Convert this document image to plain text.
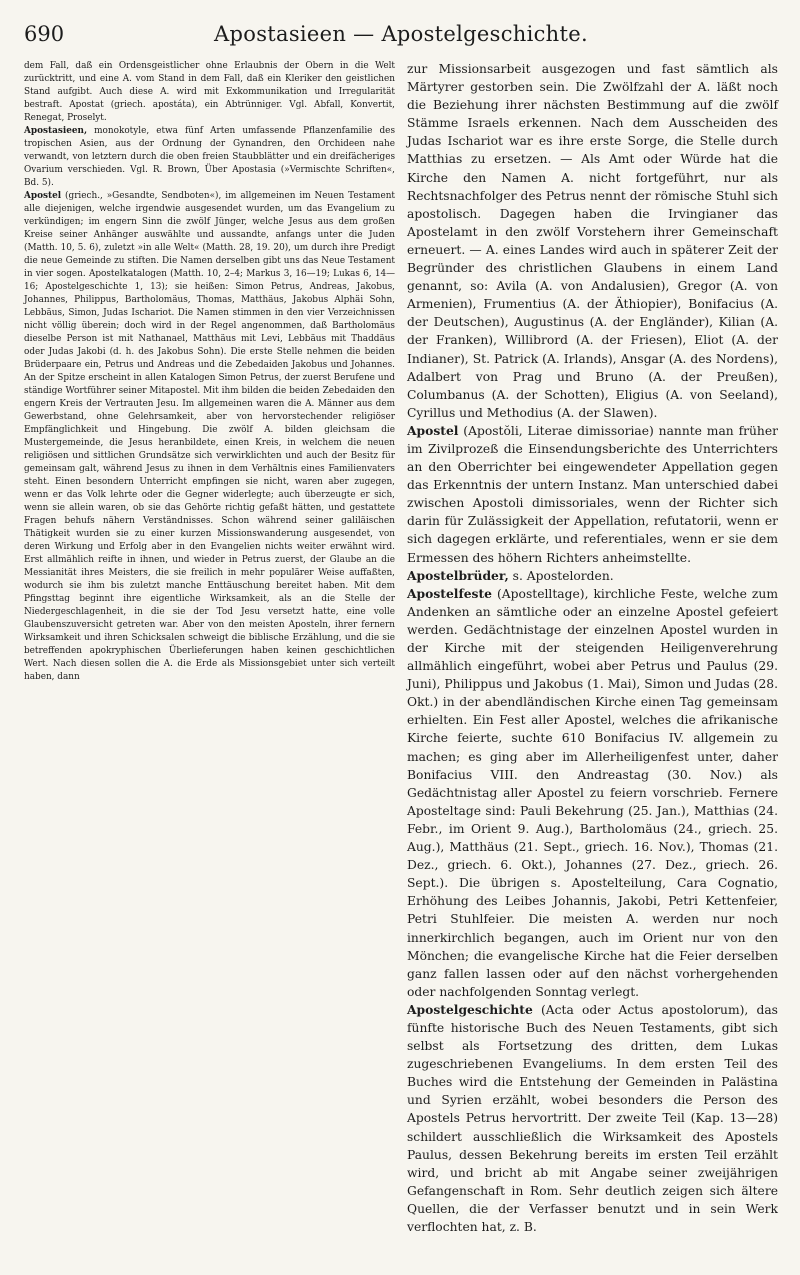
690	Apostasieen — Apostelgeschichte.

dem Fall, daß ein Ordensgeistlicher ohne Erlaubnis der Obern in die Welt zurücktritt, und eine A. vom Stand in dem Fall, daß ein Kleriker den geistlichen Stand aufgibt. Auch diese A. wird mit Exkommunikation und Irregularität bestraft. Apostat (griech. apostáta), ein Abtrünniger. Vgl. Abfall, Konvertit, Renegat, Proselyt.

Apostasieen, monokotyle, etwa fünf Arten umfassende Pflanzenfamilie des tropischen Asien, aus der Ordnung der Gynandren, den Orchideen nahe verwandt, von letztern durch die oben freien Staubblätter und ein dreifächeriges Ovarium verschieden. Vgl. R. Brown, Über Apostasia (»Vermischte Schriften«, Bd. 5).

Apostel (griech., »Gesandte, Sendboten«), im allgemeinen im Neuen Testament alle diejenigen, welche irgendwie ausgesendet wurden, um das Evangelium zu verkündigen; im engern Sinn die zwölf Jünger, welche Jesus aus dem großen Kreise seiner Anhänger auswählte und aussandte, anfangs unter die Juden (Matth. 10, 5. 6), zuletzt »in alle Welt« (Matth. 28, 19. 20), um durch ihre Predigt die neue Gemeinde zu stiften. Die Namen derselben gibt uns das Neue Testament in vier sogen. Apostelkatalogen (Matth. 10, 2–4; Markus 3, 16—19; Lukas 6, 14—16; Apostelgeschichte 1, 13); sie heißen: Simon Petrus, Andreas, Jakobus, Johannes, Philippus, Bartholomäus, Thomas, Matthäus, Jakobus Alphäi Sohn, Lebbäus, Simon, Judas Ischariot. Die Namen stimmen in den vier Verzeichnissen nicht völlig überein; doch wird in der Regel angenommen, daß Bartholomäus dieselbe Person ist mit Nathanael, Matthäus mit Levi, Lebbäus mit Thaddäus oder Judas Jakobi (d. h. des Jakobus Sohn). Die erste Stelle nehmen die beiden Brüderpaare ein, Petrus und Andreas und die Zebedaiden Jakobus und Johannes. An der Spitze erscheint in allen Katalogen Simon Petrus, der zuerst Berufene und ständige Wortführer seiner Mitapostel. Mit ihm bilden die beiden Zebedaiden den engern Kreis der Vertrauten Jesu. Im allgemeinen waren die A. Männer aus dem Gewerbstand, ohne Gelehrsamkeit, aber von hervorstechender religiöser Empfänglichkeit und Hingebung. Die zwölf A. bilden gleichsam die Mustergemeinde, die Jesus heranbildete, einen Kreis, in welchem die neuen religiösen und sittlichen Grundsätze sich verwirklichten und auch der Besitz für gemeinsam galt, während Jesus zu ihnen in dem Verhältnis eines Familienvaters steht. Einen besondern Unterricht empfingen sie nicht, waren aber zugegen, wenn er das Volk lehrte oder die Gegner widerlegte; auch überzeugte er sich, wenn sie allein waren, ob sie das Gehörte richtig gefaßt hätten, und gestattete Fragen behufs nähern Verständnisses. Schon während seiner galiläischen Thätigkeit wurden sie zu einer kurzen Missionswanderung ausgesendet, von deren Wirkung und Erfolg aber in den Evangelien nichts weiter erwähnt wird. Erst allmählich reifte in ihnen, und wieder in Petrus zuerst, der Glaube an die Messianität ihres Meisters, die sie freilich in mehr populärer Weise auffaßten, wodurch sie ihm bis zuletzt manche Enttäuschung bereitet haben. Mit dem Pfingsttag beginnt ihre eigentliche Wirksamkeit, als an die Stelle der Niedergeschlagenheit, in die sie der Tod Jesu versetzt hatte, eine volle Glaubenszuversicht getreten war. Aber von den meisten Aposteln, ihrer fernern Wirksamkeit und ihren Schicksalen schweigt die biblische Erzählung, und die sie betreffenden apokryphischen Überlieferungen haben keinen geschichtlichen Wert. Nach diesen sollen die A. die Erde als Missionsgebiet unter sich verteilt haben, dann

zur Missionsarbeit ausgezogen und fast sämtlich als Märtyrer gestorben sein. Die Zwölfzahl der A. läßt noch die Beziehung ihrer nächsten Bestimmung auf die zwölf Stämme Israels erkennen. Nach dem Ausscheiden des Judas Ischariot war es ihre erste Sorge, die Stelle durch Matthias zu ersetzen. — Als Amt oder Würde hat die Kirche den Namen A. nicht fortgeführt, nur als Rechtsnachfolger des Petrus nennt der römische Stuhl sich apostolisch. Dagegen haben die Irvingianer das Apostelamt in den zwölf Vorstehern ihrer Gemeinschaft erneuert. — A. eines Landes wird auch in späterer Zeit der Begründer des christlichen Glaubens in einem Land genannt, so: Avila (A. von Andalusien), Gregor (A. von Armenien), Frumentius (A. der Äthiopier), Bonifacius (A. der Deutschen), Augustinus (A. der Engländer), Kilian (A. der Franken), Willibrord (A. der Friesen), Eliot (A. der Indianer), St. Patrick (A. Irlands), Ansgar (A. des Nordens), Adalbert von Prag und Bruno (A. der Preußen), Columbanus (A. der Schotten), Eligius (A. von Seeland), Cyrillus und Methodius (A. der Slawen).

Apostel (Apostŏli, Literae dimissoriae) nannte man früher im Zivilprozeß die Einsendungsberichte des Unterrichters an den Oberrichter bei eingewendeter Appellation gegen das Erkenntnis der untern Instanz. Man unterschied dabei zwischen Apostoli dimissoriales, wenn der Richter sich darin für Zulässigkeit der Appellation, refutatorii, wenn er sich dagegen erklärte, und referentiales, wenn er sie dem Ermessen des höhern Richters anheimstellte.

Apostelbrüder, s. Apostelorden.

Apostelfeste (Apostelltage), kirchliche Feste, welche zum Andenken an sämtliche oder an einzelne Apostel gefeiert werden. Gedächtnistage der einzelnen Apostel wurden in der Kirche mit der steigenden Heiligenverehrung allmählich eingeführt, wobei aber Petrus und Paulus (29. Juni), Philippus und Jakobus (1. Mai), Simon und Judas (28. Okt.) in der abendländischen Kirche einen Tag gemeinsam erhielten. Ein Fest aller Apostel, welches die afrikanische Kirche feierte, suchte 610 Bonifacius IV. allgemein zu machen; es ging aber im Allerheiligenfest unter, daher Bonifacius VIII. den Andreastag (30. Nov.) als Gedächtnistag aller Apostel zu feiern vorschrieb. Fernere Aposteltage sind: Pauli Bekehrung (25. Jan.), Matthias (24. Febr., im Orient 9. Aug.), Bartholomäus (24., griech. 25. Aug.), Matthäus (21. Sept., griech. 16. Nov.), Thomas (21. Dez., griech. 6. Okt.), Johannes (27. Dez., griech. 26. Sept.). Die übrigen s. Apostelteilung, Cara Cognatio, Erhöhung des Leibes Johannis, Jakobi, Petri Kettenfeier, Petri Stuhlfeier. Die meisten A. werden nur noch innerkirchlich begangen, auch im Orient nur von den Mönchen; die evangelische Kirche hat die Feier derselben ganz fallen lassen oder auf den nächst vorhergehenden oder nachfolgenden Sonntag verlegt.

Apostelgeschichte (Acta oder Actus apostolorum), das fünfte historische Buch des Neuen Testaments, gibt sich selbst als Fortsetzung des dritten, dem Lukas zugeschriebenen Evangeliums. In dem ersten Teil des Buches wird die Entstehung der Gemeinden in Palästina und Syrien erzählt, wobei besonders die Person des Apostels Petrus hervortritt. Der zweite Teil (Kap. 13—28) schildert ausschließlich die Wirksamkeit des Apostels Paulus, dessen Bekehrung bereits im ersten Teil erzählt wird, und bricht ab mit Angabe seiner zweijährigen Gefangenschaft in Rom. Sehr deutlich zeigen sich ältere Quellen, die der Verfasser benutzt und in sein Werk verflochten hat, z. B.
